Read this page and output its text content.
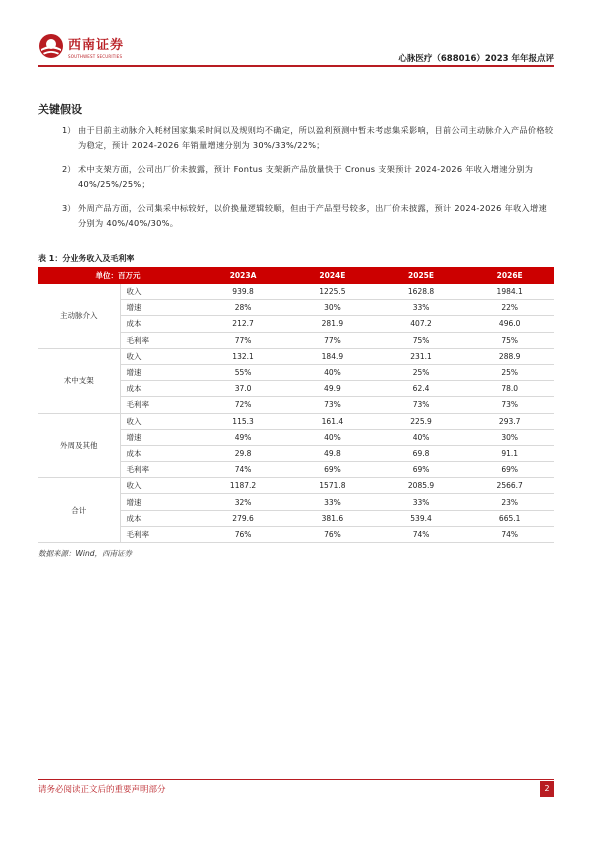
西南证券
SOUTHWEST SECURITIES	心脉医疗（688016）2023 年年报点评
关键假设
1） 由于目前主动脉介入耗材国家集采时间以及规则均不确定，所以盈利预测中暂未考虑集采影响，目前公司主动脉介入产品价格较为稳定，预计 2024-2026 年销量增速分别为 30%/33%/22%；
2） 术中支架方面，公司出厂价未披露，预计 Fontus 支架新产品放量快于 Cronus 支架预计 2024-2026 年收入增速分别为 40%/25%/25%；
3） 外周产品方面，公司集采中标较好，以价换量逻辑较顺，但由于产品型号较多，出厂价未披露，预计 2024-2026 年收入增速分别为 40%/40%/30%。
表 1：分业务收入及毛利率
单位：百万元		2023A	2024E	2025E	2026E
主动脉介入	收入	939.8	1225.5	1628.8	1984.1
	增速	28%	30%	33%	22%
	成本	212.7	281.9	407.2	496.0
	毛利率	77%	77%	75%	75%
术中支架	收入	132.1	184.9	231.1	288.9
	增速	55%	40%	25%	25%
	成本	37.0	49.9	62.4	78.0
	毛利率	72%	73%	73%	73%
外周及其他	收入	115.3	161.4	225.9	293.7
	增速	49%	40%	40%	30%
	成本	29.8	49.8	69.8	91.1
	毛利率	74%	69%	69%	69%
合计	收入	1187.2	1571.8	2085.9	2566.7
	增速	32%	33%	33%	23%
	成本	279.6	381.6	539.4	665.1
	毛利率	76%	76%	74%	74%
数据来源：Wind，西南证券
请务必阅读正文后的重要声明部分	2
